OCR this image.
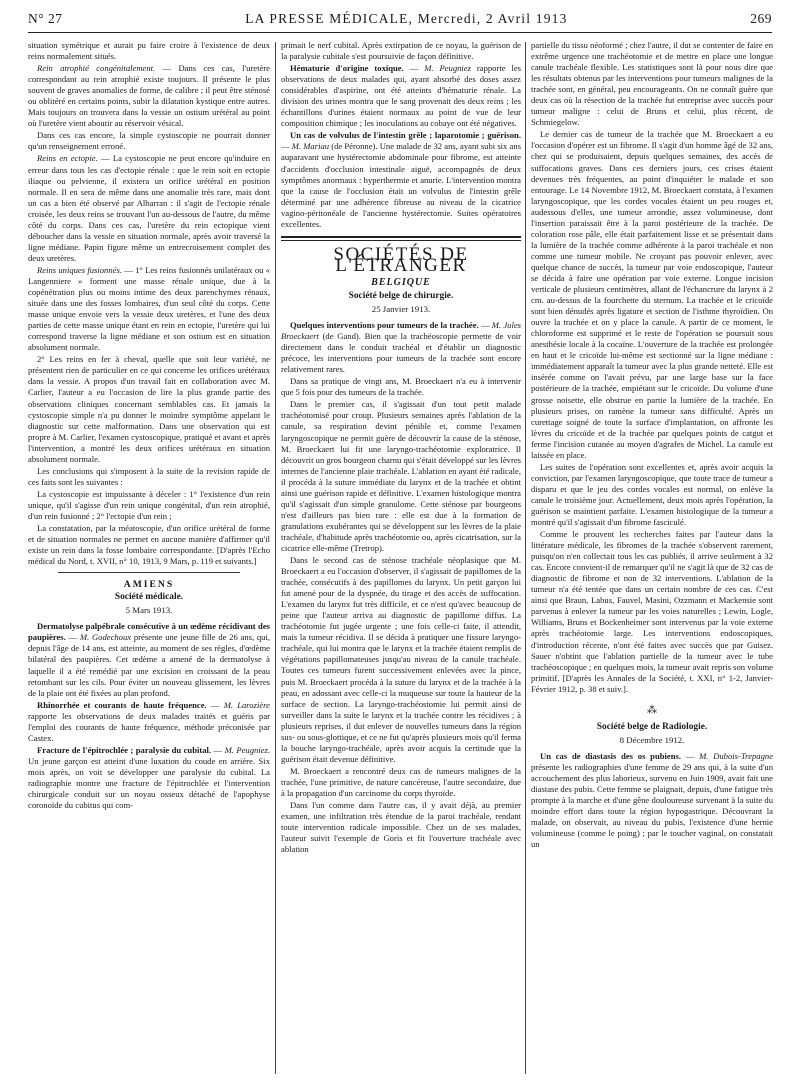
N° 27	LA PRESSE MÉDICALE, Mercredi, 2 Avril 1913	269

situation symétrique et aurait pu faire croire à l'existence de deux reins normalement situés.

Rein atrophié congénitalement. — Dans ces cas, l'uretère correspondant au rein atrophié existe toujours. Il présente le plus souvent de graves anomalies de forme, de calibre ; il peut être sténosé ou oblitéré en certains points, subir la dilatation kystique entre autres. Mais toujours on trouvera dans la vessie un ostium urétéral au point où l'uretère vient aboutir au réservoir vésical.

Dans ces cas encore, la simple cystoscopie ne pourrait donner qu'un renseignement erroné.

Reins en ectopie. — La cystoscopie ne peut encore qu'induire en erreur dans tous les cas d'ectopie rénale : que le rein soit en ectopie iliaque ou pelvienne, il existera un orifice urétéral en position normale. Il en sera de même dans une anomalie très rare, mais dont un cas a bien été observé par Albarran : il s'agit de l'ectopie rénale croisée, les deux reins se trouvant l'un au-dessous de l'autre, du même côté du corps. Dans ces cas, l'uretère du rein ectopique vient déboucher dans la vessie en situation normale, après avoir traversé la ligne médiane. Papin figure même un entrecroisement complet des deux uretères.

Reins uniques fusionnés. — 1° Les reins fusionnés unilatéraux ou « Langenniere » forment une masse rénale unique, due à la copénétration plus ou moins intime des deux parenchymes rénaux, située dans une des fosses lombaires, d'un seul côté du corps. Cette masse unique envoie vers la vessie deux uretères, et l'une des deux parties de cette masse unique étant en rein en ectopie, l'uretère qui lui correspond traverse la ligne médiane et son ostium est en situation absolument normale.

2° Les reins en fer à cheval, quelle que soit leur variété, ne présentent rien de particulier en ce qui concerne les orifices urétéraux dans la vessie. A propos d'un travail fait en collaboration avec M. Carlier, l'auteur a eu l'occasion de lire la plus grande partie des observations cliniques concernant semblables cas. Et jamais la cystoscopie simple n'a pu donner le moindre symptôme appelant le diagnostic sur cette malformation. Dans une observation qui est propre à M. Carlier, l'examen cystoscopique, pratiqué et avant et après l'intervention, a montré les deux orifices urétéraux en situation absolument normale.

Les conclusions qui s'imposent à la suite de la revision rapide de ces faits sont les suivantes :

La cystoscopie est impuissante à déceler : 1° l'existence d'un rein unique, qu'il s'agisse d'un rein unique congénital, d'un rein atrophié, d'un rein fusionné ; 2° l'ectopie d'un rein ;

La constatation, par la méatoscopie, d'un orifice urétéral de forme et de situation normales ne permet en aucune manière d'affirmer qu'il existe un rein dans la fosse lombaire correspondante. [D'après l'Echo médical du Nord, t. XVII, n° 10, 1913, 9 Mars, p. 119 et suivants.]

AMIENS

Société médicale.

5 Mars 1913.

Dermatolyse palpébrale consécutive à un œdème récidivant des paupières. — M. Godechoux présente une jeune fille de 26 ans, qui, depuis l'âge de 14 ans, est atteinte, au moment de ses règles, d'œdème bilatéral des paupières. Cet œdème a amené de la dermatolyse à laquelle il a été remédié par une excision en croissant de la peau retombant sur les cils. Pour éviter un nouveau glissement, les lèvres de la plaie ont été fixées au plan profond.

Rhinorrhée et courants de haute fréquence. — M. Larozière rapporte les observations de deux malades traités et guéris par l'emploi des courants de haute fréquence, méthode préconisée par Castex.

Fracture de l'épitrochlée ; paralysie du cubital. — M. Peugniez. Un jeune garçon est atteint d'une luxation du coude en arrière. Six mois après, on voit se développer une paralysie du cubital. La radiographie montre une fracture de l'épitrochlée et l'intervention chirurgicale conduit sur un noyau osseux détaché de l'apophyse coronoïde du cubitus qui com-

primait le nerf cubital. Après extirpation de ce noyau, la guérison de la paralysie cubitale s'est poursuivie de façon définitive.

Hématurie d'origine toxique. — M. Peugniez rapporte les observations de deux malades qui, ayant absorbé des doses assez considérables d'aspirine, ont été atteints d'hématurie rénale. La division des urines montra que le sang provenait des deux reins ; les échantillons d'urines étaient normaux au point de vue de leur composition chimique ; les inoculations au cobaye ont été négatives.

Un cas de volvulus de l'intestin grêle ; laparotomie ; guérison. — M. Mariau (de Péronne). Une malade de 32 ans, ayant subi six ans auparavant une hystérectomie abdominale pour fibrome, est atteinte d'accidents d'occlusion intestinale aiguë, accompagnés de deux symptômes anormaux : hyperthermie et anurie. L'intervention montra que la cause de l'occlusion était un volvulus de l'intestin grêle déterminé par une adhérence fibreuse au niveau de la cicatrice vagino-péritonéale de l'ancienne hystérectomie. Suites opératoires excellentes.

SOCIÉTÉS DE L'ÉTRANGER

BELGIQUE

Société belge de chirurgie.

25 Janvier 1913.

Quelques interventions pour tumeurs de la trachée. — M. Jules Broeckaert (de Gand). Bien que la trachéoscopie permette de voir directement dans le conduit trachéal et d'établir un diagnostic précoce, les interventions pour tumeurs de la trachée sont encore relativement rares.

Dans sa pratique de vingt ans, M. Broeckaert n'a eu à intervenir que 5 fois pour des tumeurs de la trachée.

Dans le premier cas, il s'agissait d'un tout petit malade trachéotomisé pour croup. Plusieurs semaines après l'ablation de la canule, sa respiration devint pénible et, comme l'examen laryngoscopique ne permit guère de découvrir la cause de la sténose, M. Broeckaert lui fit une laryngo-trachéotomie exploratrice. Il découvrit un gros bourgeon charnu qui s'était développé sur les lèvres internes de l'ancienne plaie trachéale. L'ablation en ayant été radicale, il procéda à la suture immédiate du larynx et de la trachée et obtint ainsi une guérison rapide et définitive. L'examen histologique montra qu'il s'agissait d'un simple granulome. Cette sténose par bourgeons n'est d'ailleurs pas bien rare : elle est due à la formation de granulations exubérantes qui se développent sur les lèvres de la plaie trachéale, d'habitude après trachéotomie ou, après cicatrisation, sur la cicatrice elle-même (Tretrop).

Dans le second cas de sténose trachéale néoplasique que M. Broeckaert a eu l'occasion d'observer, il s'agissait de papillomes de la trachée, consécutifs à des papillomes du larynx. Un petit garçon lui fut amené pour de la dyspnée, du tirage et des accès de suffocation. L'examen du larynx fut très difficile, et ce n'est qu'avec beaucoup de peine que l'auteur arriva au diagnostic de papillome diffus. La trachéotomie fut jugée urgente ; une fois celle-ci faite, il attendit, mais la tumeur récidiva. Il se décida à pratiquer une fissure laryngo-trachéale, qui lui montra que le larynx et la trachée étaient remplis de végétations papillomateuses jusqu'au niveau de la canule trachéale. Toutes ces tumeurs furent successivement enlevées avec la pince, puis M. Broeckaert procéda à la suture du larynx et de la trachée à la peau, en adossant avec celle-ci la muqueuse sur toute la hauteur de la surface de section. La laryngo-trachéostomie lui permit ainsi de surveiller dans la suite le larynx et la trachée contre les récidives ; à plusieurs reprises, il dut enlever de nouvelles tumeurs dans la région sus- ou sous-glottique, et ce ne fut qu'après plusieurs mois qu'il ferma la bouche laryngo-trachéale, après avoir acquis la certitude que la guérison était devenue définitive.

M. Broeckaert a rencontré deux cas de tumeurs malignes de la trachée, l'une primitive, de nature cancéreuse, l'autre secondaire, due à la propagation d'un carcinome du corps thyroïde.

Dans l'un comme dans l'autre cas, il y avait déjà, au premier examen, une infiltration très étendue de la paroi trachéale, rendant toute intervention radicale impossible. Chez un de ses malades, l'auteur suivit l'exemple de Goris et fit l'ouverture trachéale avec ablation

partielle du tissu néoformé ; chez l'autre, il dut se contenter de faire en extrême urgence une trachéotomie et de mettre en place une longue canule trachéale flexible. Les statistiques sont là pour nous dire que les résultats obtenus par les interventions pour tumeurs malignes de la trachée sont, en général, peu encourageants. On ne connaît guère que deux cas où la résection de la trachée fut entreprise avec succès pour tumeur maligne : celui de Bruns et celui, plus récent, de Schmiegelow.

Le dernier cas de tumeur de la trachée que M. Broeckaert a eu l'occasion d'opérer est un fibrome. Il s'agit d'un homme âgé de 32 ans, chez qui se produisaient, depuis quelques semaines, des accès de suffocations graves. Dans ces derniers jours, ces crises étaient devenues très fréquentes, au point d'inquiéter le malade et son entourage. Le 14 Novembre 1912, M. Broeckaert constata, à l'examen laryngoscopique, que les cordes vocales étaient un peu rouges et, audessous d'elles, une tumeur arrondie, assez volumineuse, dont l'insertion paraissait être à la paroi postérieure de la trachée. De coloration rose pâle, elle était parfaitement lisse et se présentait dans la lumière de la trachée comme adhérente à la paroi trachéale et non comme une tumeur mobile. Ne croyant pas pouvoir enlever, avec quelque chance de succès, la tumeur par voie endoscopique, l'auteur se décida à faire une opération par voie externe. Longue incision verticale de plusieurs centimètres, allant de l'échancrure du larynx à 2 cm. au-dessus de la fourchette du sternum. La trachée et le cricoïde sont bien dénudés après ligature et section de l'isthme thyroïdien. On ouvre la trachée et on y place la canule. A partir de ce moment, le chloroforme est supprimé et le reste de l'opération se poursuit sous anesthésie locale à la cocaïne. L'ouverture de la trachée est prolongée en haut et le cricoïde lui-même est sectionné sur la ligne médiane : immédiatement apparaît la tumeur avec la plus grande netteté. Elle est insérée comme on l'avait prévu, par une large base sur la face postérieure de la trachée, empiétant sur le cricoïde. Du volume d'une grosse noisette, elle obstrue en partie la lumière de la trachée. En plusieurs prises, on ramène la tumeur sans difficulté. Après un curettage soigné de toute la surface d'implantation, on affronte les lèvres du cricoïde et de la trachée par quelques points de catgut et ferme l'incision cutanée au moyen d'agrafes de Michel. La canule est laissée en place.

Les suites de l'opération sont excellentes et, après avoir acquis la conviction, par l'examen laryngoscopique, que toute trace de tumeur a disparu et que le jeu des cordes vocales est normal, on enlève la canule le troisième jour. Actuellement, deux mois après l'opération, la guérison se maintient parfaite. L'examen histologique de la tumeur a montré qu'il s'agissait d'un fibrome fasciculé.

Comme le prouvent les recherches faites par l'auteur dans la littérature médicale, les fibromes de la trachée s'observent rarement, puisqu'on n'en collectait tous les cas publiés, il arrive seulement à 32 cas. Encore convient-il de remarquer qu'il ne s'agit là que de 32 cas de diagnostic de fibrome et non de 32 interventions. L'ablation de la tumeur n'a été tentée que dans un certain nombre de ces cas. C'est ainsi que Braun, Labus, Fauvel, Masini, Ozzmann et Mackensie sont parvenus à enlever la tumeur par les voies naturelles ; Lewin, Logle, Williams, Bruns et Bockenheimer sont intervenus par la voie externe après trachéotomie large. Les interventions endoscopiques, d'introduction récente, n'ont été faites avec succès que par Guisez. Sauer n'obtint que l'ablation partielle de la tumeur avec le tube trachéoscopique ; en quelques mois, la tumeur avait repris son volume primitif. [D'après les Annales de la Société, t. XXI, n° 1-2, Janvier-Février 1912, p. 38 et suiv.].

⁂

Société belge de Radiologie.

8 Décembre 1912.

Un cas de diastasis des os pubiens. — M. Dubois-Trepagne présente les radiographies d'une femme de 29 ans qui, à la suite d'un accouchement des plus laborieux, survenu en Juin 1909, avait fait une diastase des pubis. Cette femme se plaignait, depuis, d'une fatigue très prompte à la marche et d'une gêne douloureuse survenant à la suite du moindre effort dans toute la région hypogastrique. Découvrant la malade, on observait, au niveau du pubis, l'existence d'une hernie volumineuse (comme le poing) ; par le toucher vaginal, on constatait un
